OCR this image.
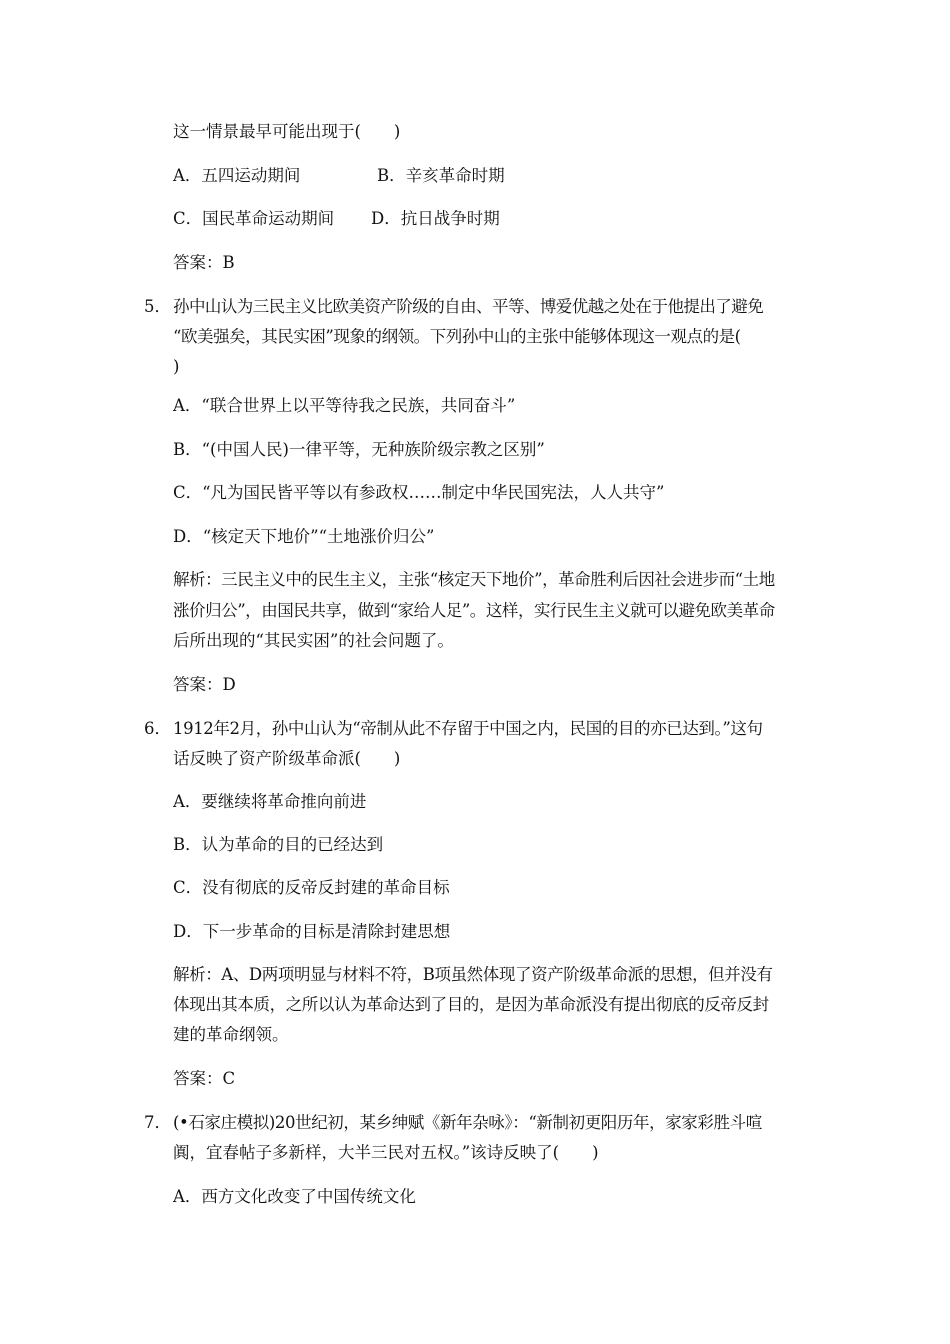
这一情景最早可能出现于(　　)
A．五四运动期间	B．辛亥革命时期
C．国民革命运动期间 D．抗日战争时期
答案：B
5． 孙中山认为三民主义比欧美资产阶级的自由、平等、博爱优越之处在于他提出了避免
“欧美强矣，其民实困”现象的纲领。下列孙中山的主张中能够体现这一观点的是(
)
A．“联合世界上以平等待我之民族，共同奋斗”
B．“(中国人民)一律平等，无种族阶级宗教之区别”
C．“凡为国民皆平等以有参政权……制定中华民国宪法，人人共守”
D．“核定天下地价”“土地涨价归公”
解析：三民主义中的民生主义，主张“核定天下地价”，革命胜利后因社会进步而“土地
涨价归公”，由国民共享，做到“家给人足”。这样，实行民生主义就可以避免欧美革命
后所出现的“其民实困”的社会问题了。
答案：D
6． 1912年2月，孙中山认为“帝制从此不存留于中国之内，民国的目的亦已达到。”这句
话反映了资产阶级革命派(　　)
A．要继续将革命推向前进
B．认为革命的目的已经达到
C．没有彻底的反帝反封建的革命目标
D．下一步革命的目标是清除封建思想
解析：A、D两项明显与材料不符，B项虽然体现了资产阶级革命派的思想，但并没有
体现出其本质，之所以认为革命达到了目的，是因为革命派没有提出彻底的反帝反封
建的革命纲领。
答案：C
7． (•石家庄模拟)20世纪初，某乡绅赋《新年杂咏》：“新制初更阳历年，家家彩胜斗喧
阗，宜春帖子多新样，大半三民对五权。”该诗反映了(　　)
A．西方文化改变了中国传统文化
